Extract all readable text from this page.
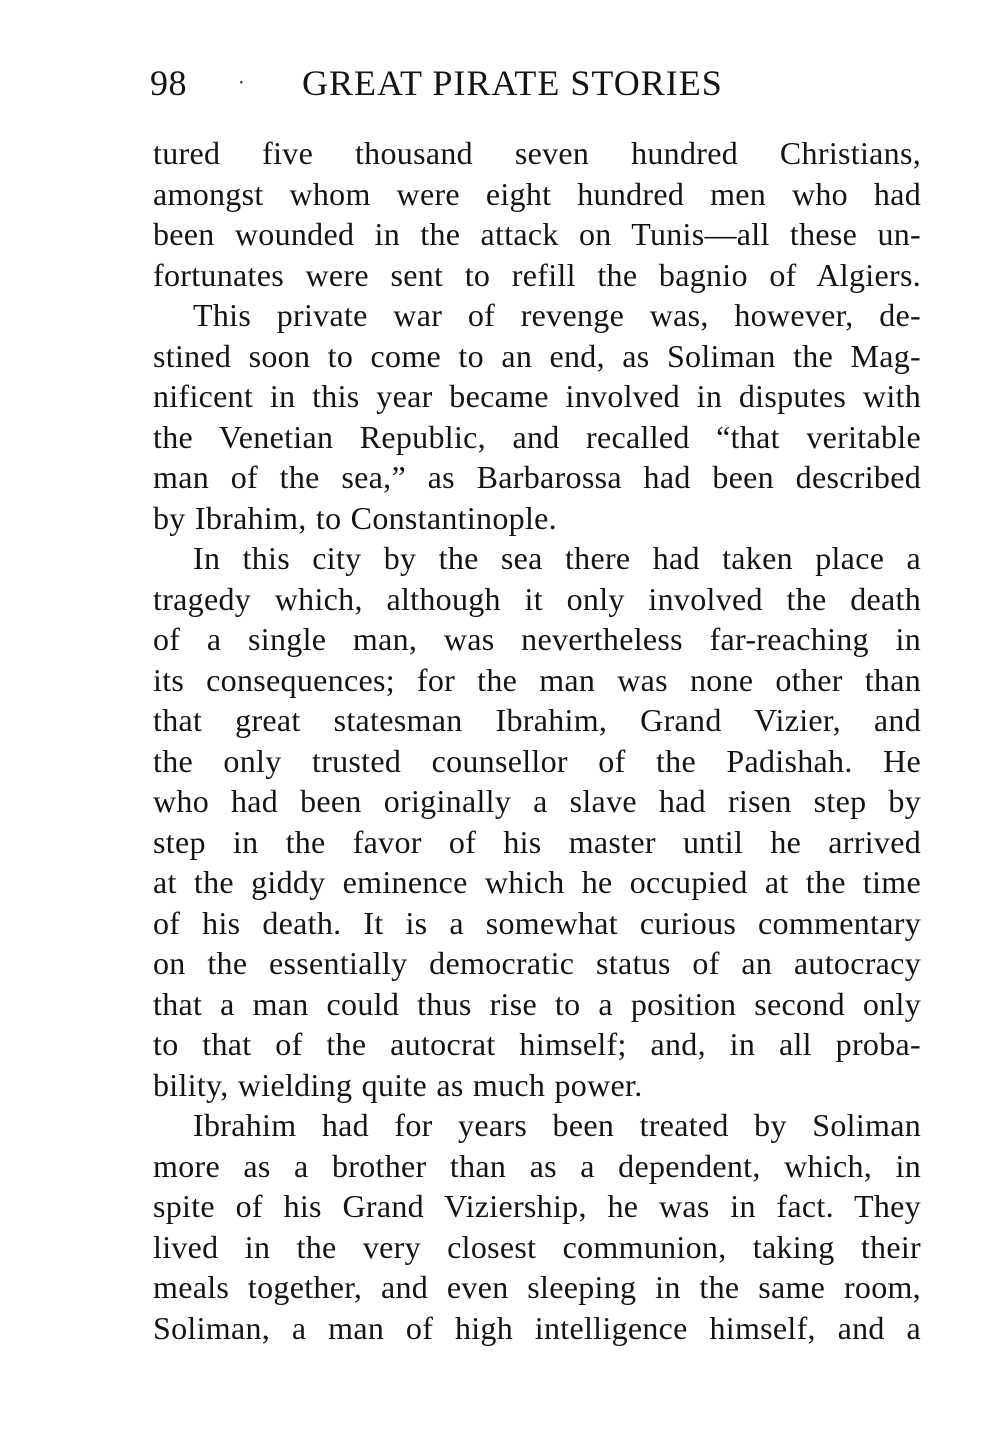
98	· GREAT PIRATE STORIES
tured five thousand seven hundred Christians,
amongst whom were eight hundred men who had
been wounded in the attack on Tunis—all these un-
fortunates were sent to refill the bagnio of Algiers.
This private war of revenge was, however, de-
stined soon to come to an end, as Soliman the Mag-
nificent in this year became involved in disputes with
the Venetian Republic, and recalled “that veritable
man of the sea,” as Barbarossa had been described
by Ibrahim, to Constantinople.
In this city by the sea there had taken place a
tragedy which, although it only involved the death
of a single man, was nevertheless far-reaching in
its consequences; for the man was none other than
that great statesman Ibrahim, Grand Vizier, and
the only trusted counsellor of the Padishah. He
who had been originally a slave had risen step by
step in the favor of his master until he arrived
at the giddy eminence which he occupied at the time
of his death. It is a somewhat curious commentary
on the essentially democratic status of an autocracy
that a man could thus rise to a position second only
to that of the autocrat himself; and, in all proba-
bility, wielding quite as much power.
Ibrahim had for years been treated by Soliman
more as a brother than as a dependent, which, in
spite of his Grand Viziership, he was in fact. They
lived in the very closest communion, taking their
meals together, and even sleeping in the same room,
Soliman, a man of high intelligence himself, and a
